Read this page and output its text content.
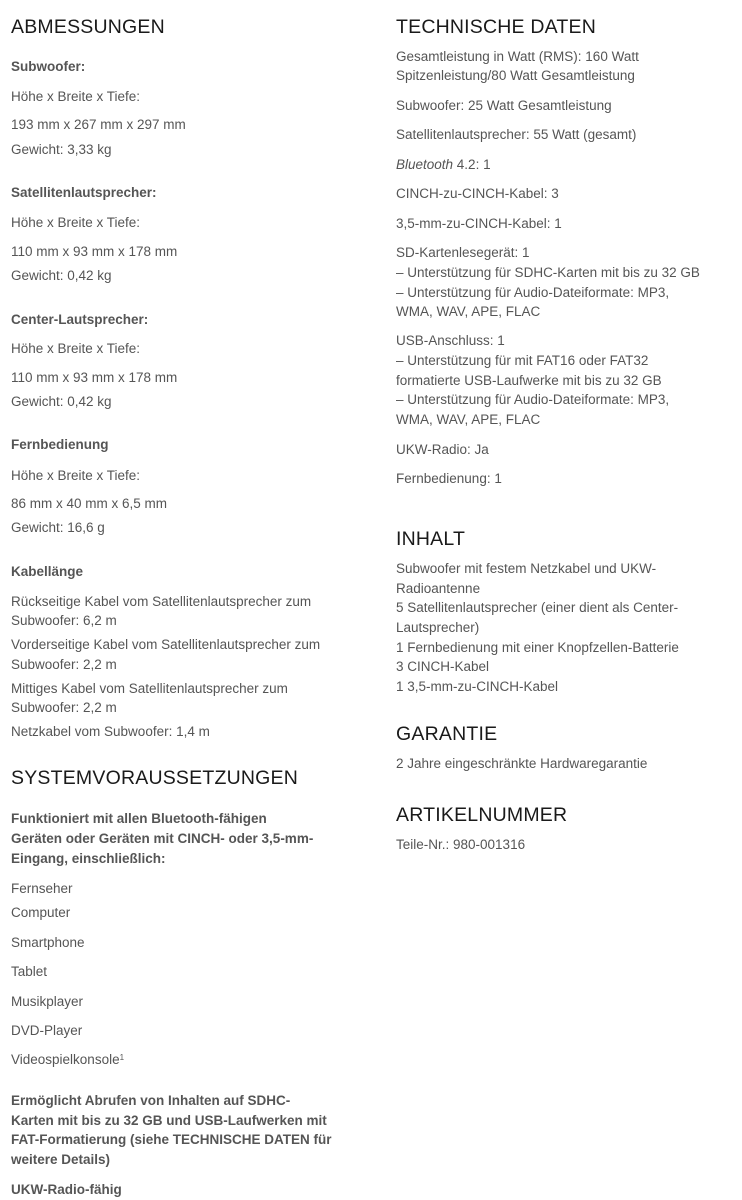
ABMESSUNGEN

Subwoofer:

Höhe x Breite x Tiefe:

193 mm x 267 mm x 297 mm

Gewicht: 3,33 kg

Satellitenlautsprecher:

Höhe x Breite x Tiefe:

110 mm x 93 mm x 178 mm

Gewicht: 0,42 kg

Center-Lautsprecher:

Höhe x Breite x Tiefe:

110 mm x 93 mm x 178 mm

Gewicht: 0,42 kg

Fernbedienung

Höhe x Breite x Tiefe:

86 mm x 40 mm x 6,5 mm

Gewicht: 16,6 g

Kabellänge

Rückseitige Kabel vom Satellitenlautsprecher zum

Subwoofer: 6,2 m

Vorderseitige Kabel vom Satellitenlautsprecher zum

Subwoofer: 2,2 m

Mittiges Kabel vom Satellitenlautsprecher zum

Subwoofer: 2,2 m

Netzkabel vom Subwoofer: 1,4 m

SYSTEMVORAUSSETZUNGEN

Funktioniert mit allen Bluetooth-fähigen

Geräten oder Geräten mit CINCH- oder 3,5-mm-

Eingang, einschließlich:

Fernseher

Computer

Smartphone

Tablet

Musikplayer

DVD-Player

Videospielkonsole$^1$

Ermöglicht Abrufen von Inhalten auf SDHC-

Karten mit bis zu 32 GB und USB-Laufwerken mit

FAT-Formatierung (siehe TECHNISCHE DATEN für

weitere Details)

UKW-Radio-fähig

TECHNISCHE DATEN

Gesamtleistung in Watt (RMS): 160 Watt

Spitzenleistung/80 Watt Gesamtleistung

Subwoofer: 25 Watt Gesamtleistung

Satellitenlautsprecher: 55 Watt (gesamt)

Bluetooth 4.2: 1

CINCH-zu-CINCH-Kabel: 3

3,5-mm-zu-CINCH-Kabel: 1

SD-Kartenlesegerät: 1

– Unterstützung für SDHC-Karten mit bis zu 32 GB

– Unterstützung für Audio-Dateiformate: MP3,

WMA, WAV, APE, FLAC

USB-Anschluss: 1

– Unterstützung für mit FAT16 oder FAT32

formatierte USB-Laufwerke mit bis zu 32 GB

– Unterstützung für Audio-Dateiformate: MP3,

WMA, WAV, APE, FLAC

UKW-Radio: Ja

Fernbedienung: 1

INHALT

Subwoofer mit festem Netzkabel und UKW-

Radioantenne

5 Satellitenlautsprecher (einer dient als Center-

Lautsprecher)

1 Fernbedienung mit einer Knopfzellen-Batterie

3 CINCH-Kabel

1 3,5-mm-zu-CINCH-Kabel

GARANTIE

2 Jahre eingeschränkte Hardwaregarantie

ARTIKELNUMMER

Teile-Nr.: 980-001316
